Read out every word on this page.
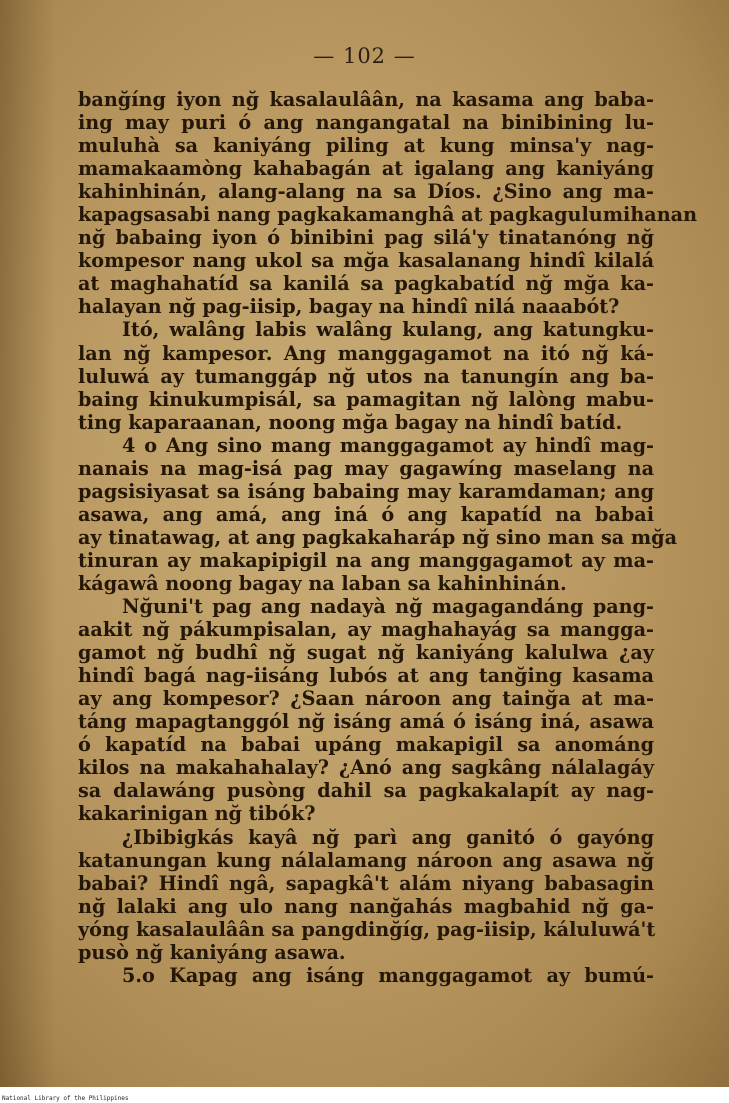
— 102 —
banğíng iyon nğ kasalaulâân, na kasama ang baba-
ing may puri ó ang nangangatal na binibining lu-
muluhà sa kaniyáng piling at kung minsa'y nag-
mamakaamòng kahabagán at igalang ang kaniyáng
kahinhinán, alang-alang na sa Díos. ¿Sino ang ma-
kapagsasabi nang pagkakamanghâ at pagkagulumihanan
nğ babaing iyon ó binibini pag silá'y tinatanóng nğ
kompesor nang ukol sa mğa kasalanang hindî kilalá
at maghahatíd sa kanilá sa pagkabatíd nğ mğa ka-
halayan nğ pag-iisip, bagay na hindî nilá naaabót?
Itó, walâng labis walâng kulang, ang katungku-
lan nğ kampesor. Ang manggagamot na itó nğ ká-
luluwá ay tumanggáp nğ utos na tanungín ang ba-
baing kinukumpisál, sa pamagitan nğ lalòng mabu-
ting kaparaanan, noong mğa bagay na hindî batíd.
4 o Ang sino mang manggagamot ay hindî mag-
nanais na mag-isá pag may gagawíng maselang na
pagsisiyasat sa isáng babaing may karamdaman; ang
asawa, ang amá, ang iná ó ang kapatíd na babai
ay tinatawag, at ang pagkakaharáp nğ sino man sa mğa
tinuran ay makapipigil na ang manggagamot ay ma-
kágawâ noong bagay na laban sa kahinhinán.
Nğuni't pag ang nadayà nğ magagandáng pang-
aakit nğ pákumpisalan, ay maghahayág sa mangga-
gamot nğ budhî nğ sugat nğ kaniyáng kalulwa ¿ay
hindî bagá nag-iisáng lubós at ang tanğing kasama
ay ang kompesor? ¿Saan nároon ang tainğa at ma-
táng mapagtanggól nğ isáng amá ó isáng iná, asawa
ó kapatíd na babai upáng makapigil sa anománg
kilos na makahahalay? ¿Anó ang sagkâng nálalagáy
sa dalawáng pusòng dahil sa pagkakalapít ay nag-
kakarinigan nğ tibók?
¿Ibibigkás kayâ nğ parì ang ganitó ó gayóng
katanungan kung nálalamang nároon ang asawa nğ
babai? Hindî ngâ, sapagkâ't alám niyang babasagin
nğ lalaki ang ulo nang nanğahás magbahid nğ ga-
yóng kasalaulâân sa pangdinğíg, pag-iisip, káluluwá't
pusò nğ kaniyáng asawa.
5.o Kapag ang isáng manggagamot ay bumú-
National Library of the Philippines
